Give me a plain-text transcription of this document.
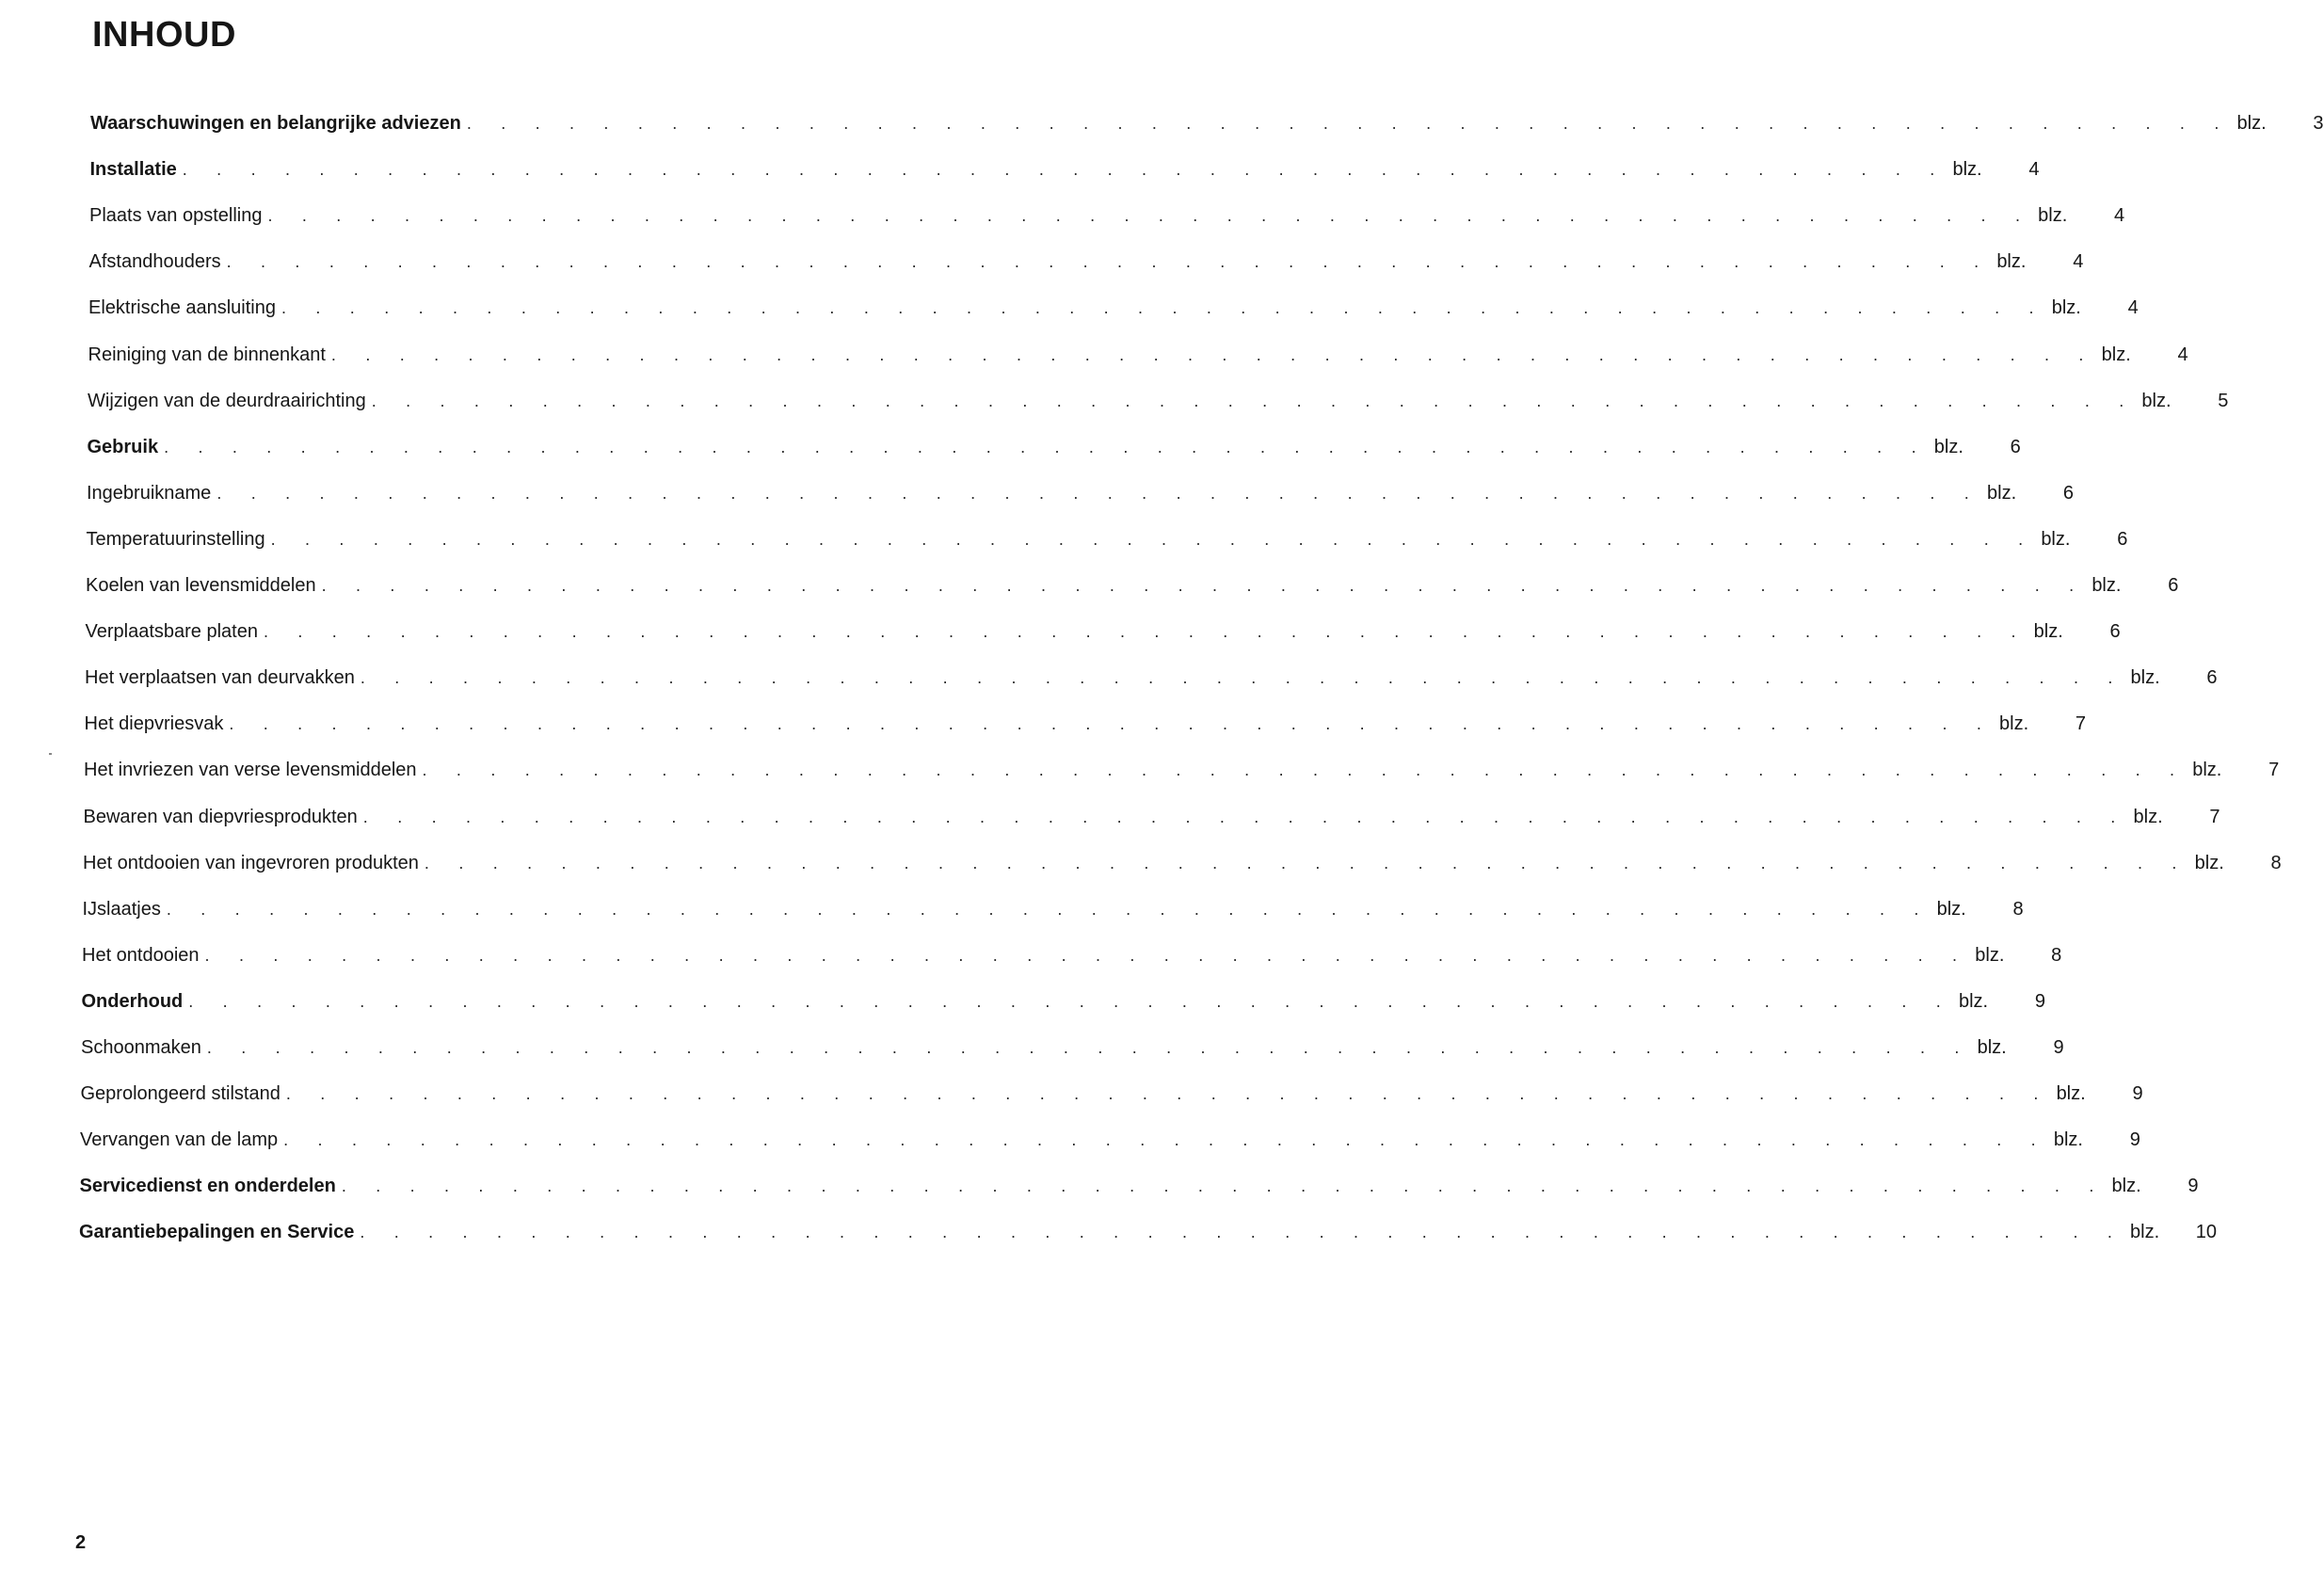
INHOUD
Waarschuwingen en belangrijke adviezen . . . . . . . . . . . . . . . . . . . . . . . . . . . . . . . . . . . . . . . . . . . . . . . . . . . . blz.	3
Installatie . . . . . . . . . . . . . . . . . . . . . . . . . . . . . . . . . . . . . . . . . . . . . . . . . . . . blz.	4
Plaats van opstelling . . . . . . . . . . . . . . . . . . . . . . . . . . . . . . . . . . . . . . . . . . . . . . . . . . . . blz.	4
Afstandhouders . . . . . . . . . . . . . . . . . . . . . . . . . . . . . . . . . . . . . . . . . . . . . . . . . . . . blz.	4
Elektrische aansluiting . . . . . . . . . . . . . . . . . . . . . . . . . . . . . . . . . . . . . . . . . . . . . . . . . . . . blz.	4
Reiniging van de binnenkant . . . . . . . . . . . . . . . . . . . . . . . . . . . . . . . . . . . . . . . . . . . . . . . . . . . . blz.	4
Wijzigen van de deurdraairichting . . . . . . . . . . . . . . . . . . . . . . . . . . . . . . . . . . . . . . . . . . . . . . . . . . . . blz.	5
Gebruik . . . . . . . . . . . . . . . . . . . . . . . . . . . . . . . . . . . . . . . . . . . . . . . . . . . . blz.	6
Ingebruikname . . . . . . . . . . . . . . . . . . . . . . . . . . . . . . . . . . . . . . . . . . . . . . . . . . . . blz.	6
Temperatuurinstelling . . . . . . . . . . . . . . . . . . . . . . . . . . . . . . . . . . . . . . . . . . . . . . . . . . . . blz.	6
Koelen van levensmiddelen . . . . . . . . . . . . . . . . . . . . . . . . . . . . . . . . . . . . . . . . . . . . . . . . . . . . blz.	6
Verplaatsbare platen . . . . . . . . . . . . . . . . . . . . . . . . . . . . . . . . . . . . . . . . . . . . . . . . . . . . blz.	6
Het verplaatsen van deurvakken . . . . . . . . . . . . . . . . . . . . . . . . . . . . . . . . . . . . . . . . . . . . . . . . . . . . blz.	6
Het diepvriesvak . . . . . . . . . . . . . . . . . . . . . . . . . . . . . . . . . . . . . . . . . . . . . . . . . . . . blz.	7
Het invriezen van verse levensmiddelen . . . . . . . . . . . . . . . . . . . . . . . . . . . . . . . . . . . . . . . . . . . . . . . . . . . . blz.	7
Bewaren van diepvriesprodukten . . . . . . . . . . . . . . . . . . . . . . . . . . . . . . . . . . . . . . . . . . . . . . . . . . . . blz.	7
Het ontdooien van ingevroren produkten . . . . . . . . . . . . . . . . . . . . . . . . . . . . . . . . . . . . . . . . . . . . . . . . . . . . blz.	8
IJslaatjes . . . . . . . . . . . . . . . . . . . . . . . . . . . . . . . . . . . . . . . . . . . . . . . . . . . . blz.	8
Het ontdooien . . . . . . . . . . . . . . . . . . . . . . . . . . . . . . . . . . . . . . . . . . . . . . . . . . . . blz.	8
Onderhoud . . . . . . . . . . . . . . . . . . . . . . . . . . . . . . . . . . . . . . . . . . . . . . . . . . . . blz.	9
Schoonmaken . . . . . . . . . . . . . . . . . . . . . . . . . . . . . . . . . . . . . . . . . . . . . . . . . . . . blz.	9
Geprolongeerd stilstand . . . . . . . . . . . . . . . . . . . . . . . . . . . . . . . . . . . . . . . . . . . . . . . . . . . . blz.	9
Vervangen van de lamp . . . . . . . . . . . . . . . . . . . . . . . . . . . . . . . . . . . . . . . . . . . . . . . . . . . . blz.	9
Servicedienst en onderdelen . . . . . . . . . . . . . . . . . . . . . . . . . . . . . . . . . . . . . . . . . . . . . . . . . . . . blz.	9
Garantiebepalingen en Service . . . . . . . . . . . . . . . . . . . . . . . . . . . . . . . . . . . . . . . . . . . . . . . . . . . . blz.	10
2
